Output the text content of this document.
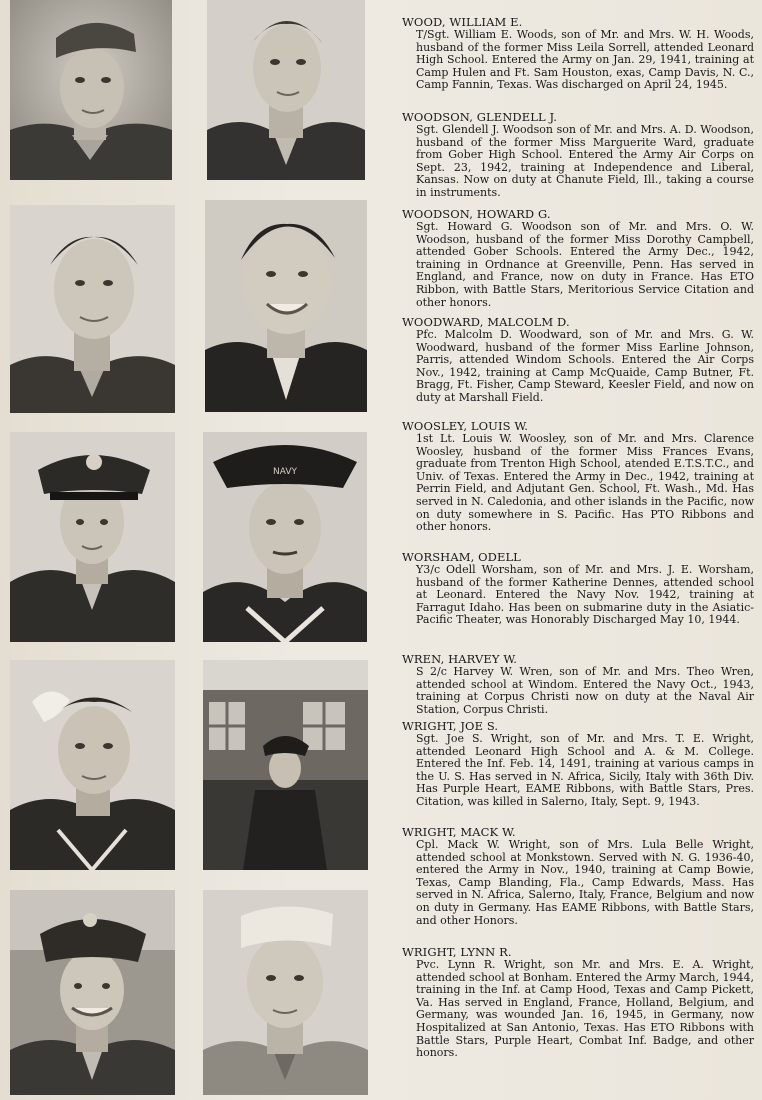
NAVY

WOOD, WILLIAM E.

T/Sgt. William E. Woods, son of Mr. and Mrs. W. H. Woods, husband of the former Miss Leila Sorrell, attended Leonard High School. Entered the Army on Jan. 29, 1941, training at Camp Hulen and Ft. Sam Houston, exas, Camp Davis, N. C., Camp Fannin, Texas. Was discharged on April 24, 1945.

WOODSON, GLENDELL J.

Sgt. Glendell J. Woodson son of Mr. and Mrs. A. D. Woodson, husband of the former Miss Marguerite Ward, graduate from Gober High School. Entered the Army Air Corps on Sept. 23, 1942, training at Independence and Liberal, Kansas. Now on duty at Chanute Field, Ill., taking a course in instruments.

WOODSON, HOWARD G.

Sgt. Howard G. Woodson son of Mr. and Mrs. O. W. Woodson, husband of the former Miss Dorothy Campbell, attended Gober Schools. Entered the Army Dec., 1942, training in Ordnance at Greenville, Penn. Has served in England, and France, now on duty in France. Has ETO Ribbon, with Battle Stars, Meritorious Service Citation and other honors.

WOODWARD, MALCOLM D.

Pfc. Malcolm D. Woodward, son of Mr. and Mrs. G. W. Woodward, husband of the former Miss Earline Johnson, Parris, attended Windom Schools. Entered the Air Corps Nov., 1942, training at Camp McQuaide, Camp Butner, Ft. Bragg, Ft. Fisher, Camp Steward, Keesler Field, and now on duty at Marshall Field.

WOOSLEY, LOUIS W.

1st Lt. Louis W. Woosley, son of Mr. and Mrs. Clarence Woosley, husband of the former Miss Frances Evans, graduate from Trenton High School, atended E.T.S.T.C., and Univ. of Texas. Entered the Army in Dec., 1942, training at Perrin Field, and Adjutant Gen. School, Ft. Wash., Md. Has served in N. Caledonia, and other islands in the Pacific, now on duty somewhere in S. Pacific. Has PTO Ribbons and other honors.

WORSHAM, ODELL

Y3/c Odell Worsham, son of Mr. and Mrs. J. E. Worsham, husband of the former Katherine Dennes, attended school at Leonard. Entered the Navy Nov. 1942, training at Farragut Idaho. Has been on submarine duty in the Asiatic-Pacific Theater, was Honorably Discharged May 10, 1944.

WREN, HARVEY W.

S 2/c Harvey W. Wren, son of Mr. and Mrs. Theo Wren, attended school at Windom. Entered the Navy Oct., 1943, training at Corpus Christi now on duty at the Naval Air Station, Corpus Christi.

WRIGHT, JOE S.

Sgt. Joe S. Wright, son of Mr. and Mrs. T. E. Wright, attended Leonard High School and A. & M. College. Entered the Inf. Feb. 14, 1491, training at various camps in the U. S. Has served in N. Africa, Sicily, Italy with 36th Div. Has Purple Heart, EAME Ribbons, with Battle Stars, Pres. Citation, was killed in Salerno, Italy, Sept. 9, 1943.

WRIGHT, MACK W.

Cpl. Mack W. Wright, son of Mrs. Lula Belle Wright, attended school at Monkstown. Served with N. G. 1936-40, entered the Army in Nov., 1940, training at Camp Bowie, Texas, Camp Blanding, Fla., Camp Edwards, Mass. Has served in N. Africa, Salerno, Italy, France, Belgium and now on duty in Germany. Has EAME Ribbons, with Battle Stars, and other Honors.

WRIGHT, LYNN R.

Pvc. Lynn R. Wright, son Mr. and Mrs. E. A. Wright, attended school at Bonham. Entered the Army March, 1944, training in the Inf. at Camp Hood, Texas and Camp Pickett, Va. Has served in England, France, Holland, Belgium, and Germany, was wounded Jan. 16, 1945, in Germany, now Hospitalized at San Antonio, Texas. Has ETO Ribbons with Battle Stars, Purple Heart, Combat Inf. Badge, and other honors.
